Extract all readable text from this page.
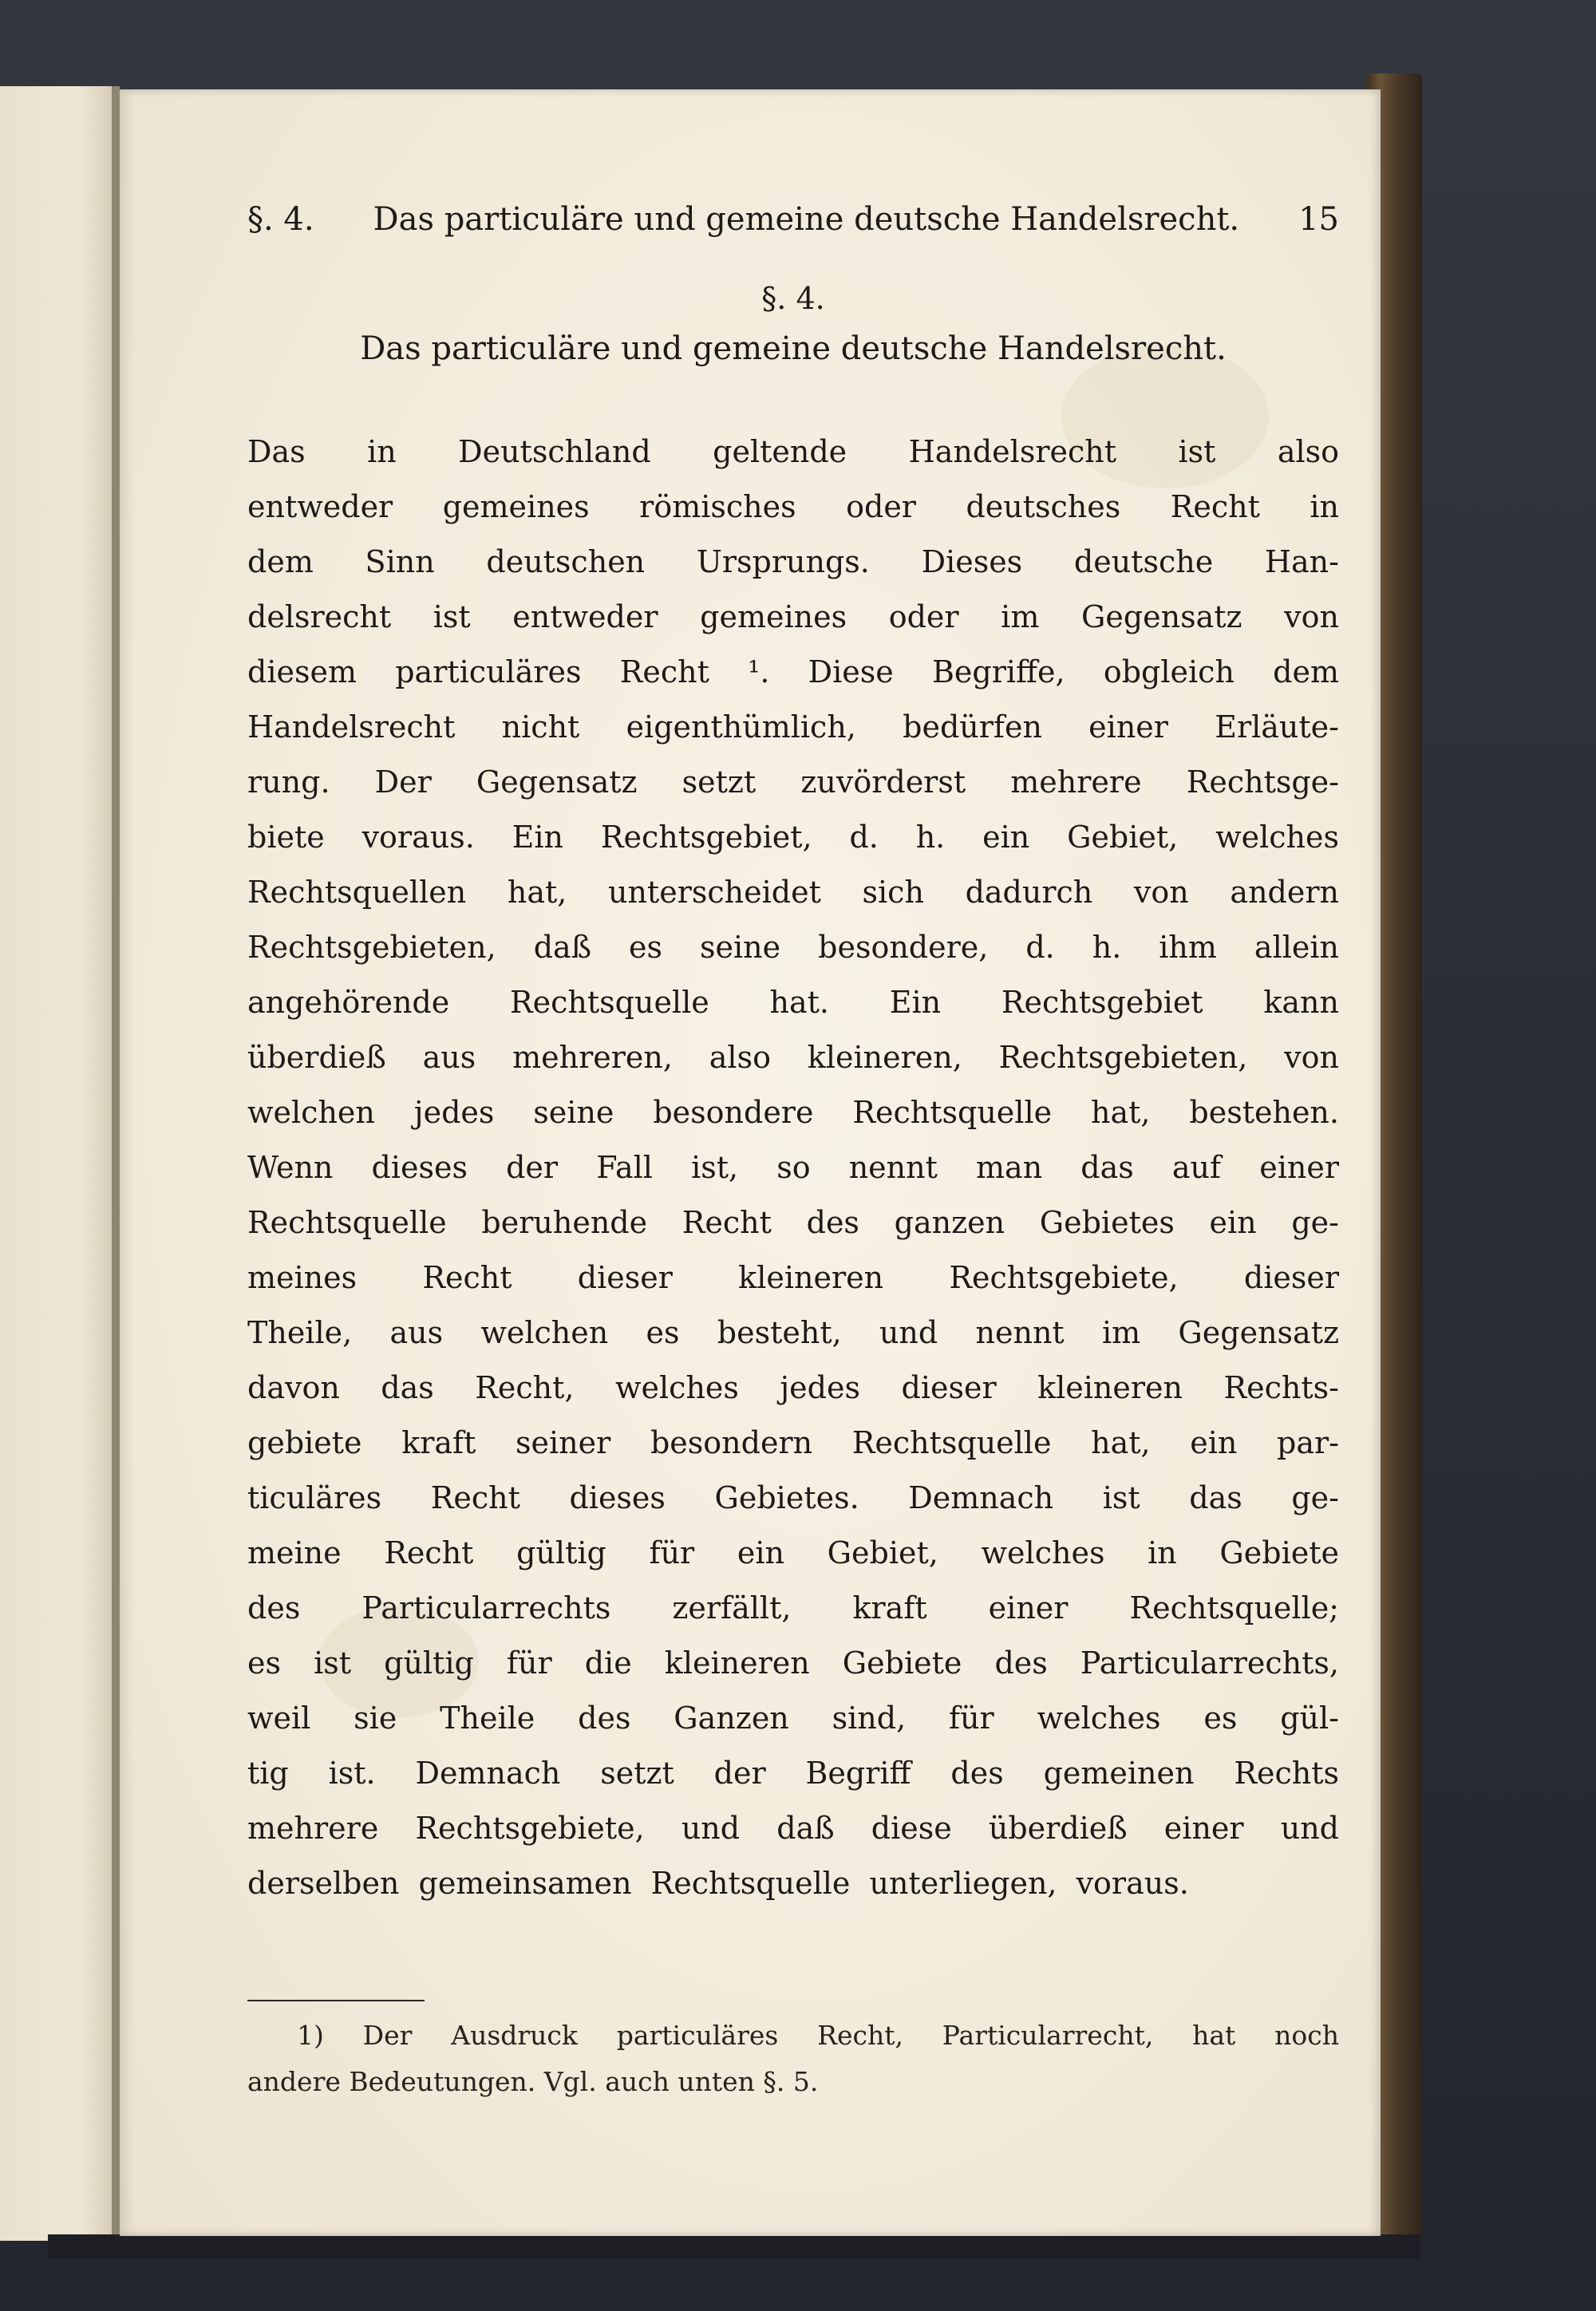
§. 4.	Das particuläre und gemeine deutsche Handelsrecht.	15
§. 4.
Das particuläre und gemeine deutsche Handelsrecht.
Das in Deutschland geltende Handelsrecht ist also
entweder gemeines römisches oder deutsches Recht in
dem Sinn deutschen Ursprungs. Dieses deutsche Han-
delsrecht ist entweder gemeines oder im Gegensatz von
diesem particuläres Recht ¹. Diese Begriffe, obgleich dem
Handelsrecht nicht eigenthümlich, bedürfen einer Erläute-
rung. Der Gegensatz setzt zuvörderst mehrere Rechtsge-
biete voraus. Ein Rechtsgebiet, d. h. ein Gebiet, welches
Rechtsquellen hat, unterscheidet sich dadurch von andern
Rechtsgebieten, daß es seine besondere, d. h. ihm allein
angehörende Rechtsquelle hat. Ein Rechtsgebiet kann
überdieß aus mehreren, also kleineren, Rechtsgebieten, von
welchen jedes seine besondere Rechtsquelle hat, bestehen.
Wenn dieses der Fall ist, so nennt man das auf einer
Rechtsquelle beruhende Recht des ganzen Gebietes ein ge-
meines Recht dieser kleineren Rechtsgebiete, dieser
Theile, aus welchen es besteht, und nennt im Gegensatz
davon das Recht, welches jedes dieser kleineren Rechts-
gebiete kraft seiner besondern Rechtsquelle hat, ein par-
ticuläres Recht dieses Gebietes. Demnach ist das ge-
meine Recht gültig für ein Gebiet, welches in Gebiete
des Particularrechts zerfällt, kraft einer Rechtsquelle;
es ist gültig für die kleineren Gebiete des Particularrechts,
weil sie Theile des Ganzen sind, für welches es gül-
tig ist. Demnach setzt der Begriff des gemeinen Rechts
mehrere Rechtsgebiete, und daß diese überdieß einer und
derselben gemeinsamen Rechtsquelle unterliegen, voraus.
1) Der Ausdruck particuläres Recht, Particularrecht, hat noch
andere Bedeutungen. Vgl. auch unten §. 5.
